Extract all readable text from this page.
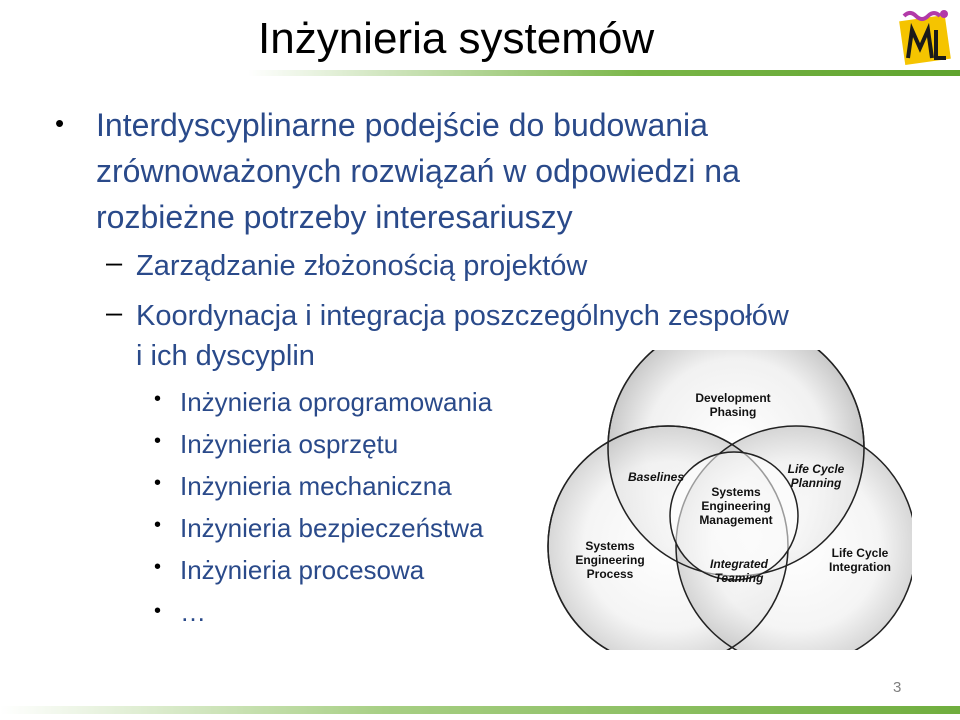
Inżynieria systemów
• Interdyscyplinarne podejście do budowania zrównoważonych rozwiązań w odpowiedzi na rozbieżne potrzeby interesariuszy
– Zarządzanie złożonością projektów
– Koordynacja i integracja poszczególnych zespołów
i ich dyscyplin
• Inżynieria oprogramowania
• Inżynieria osprzętu
• Inżynieria mechaniczna
• Inżynieria bezpieczeństwa
• Inżynieria procesowa
• …
Development
Phasing
Baselines
Life Cycle
Planning
Systems
Engineering
Management
Systems
Engineering
Process
Integrated
Teaming
Life Cycle
Integration
3
